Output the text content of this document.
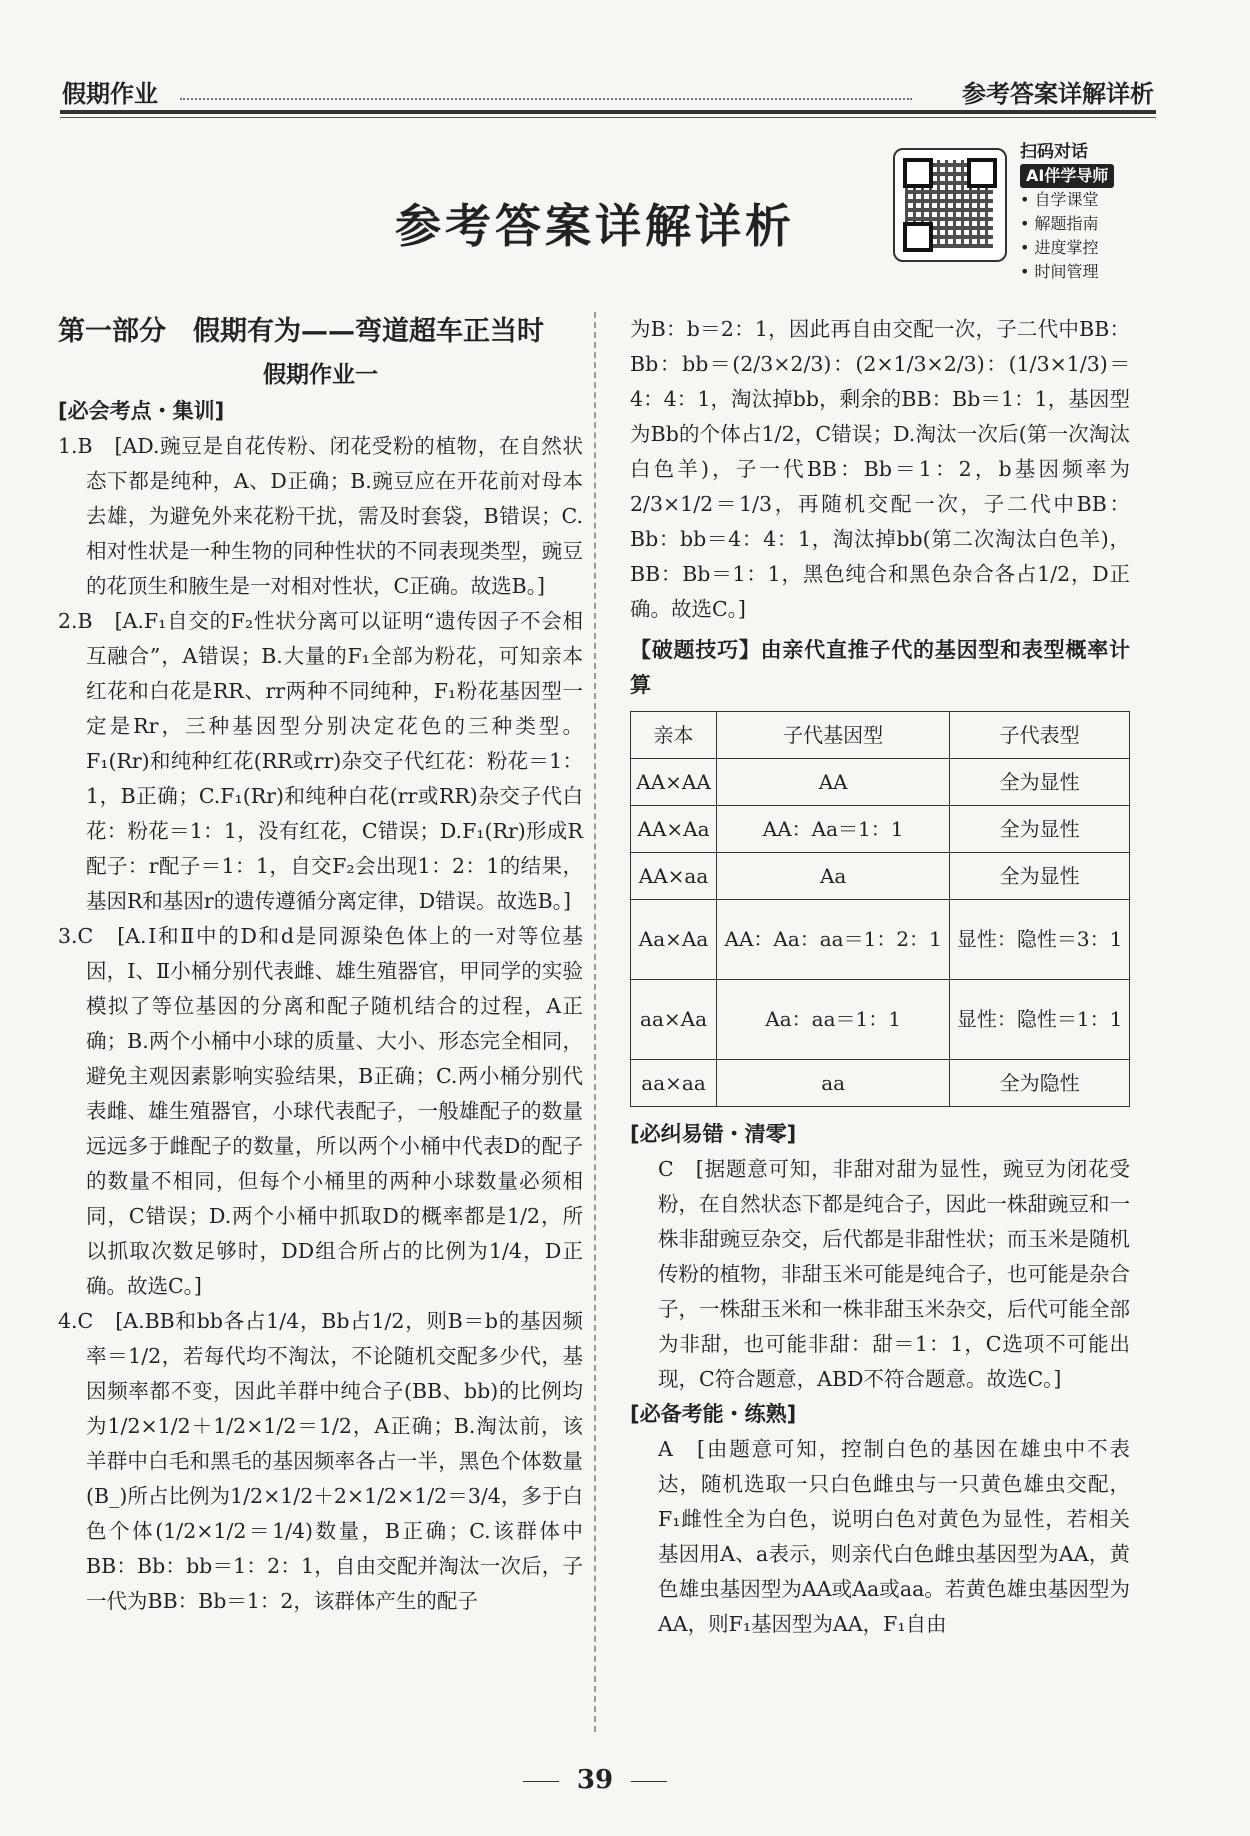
假期作业	参考答案详解详析
参考答案详解详析
扫码对话
AI伴学导师
• 自学课堂
• 解题指南
• 进度掌控
• 时间管理

第一部分　假期有为——弯道超车正当时

假期作业一

[必会考点・集训]

1.B　[AD.豌豆是自花传粉、闭花受粉的植物，在自然状态下都是纯种，A、D正确；B.豌豆应在开花前对母本去雄，为避免外来花粉干扰，需及时套袋，B错误；C.相对性状是一种生物的同种性状的不同表现类型，豌豆的花顶生和腋生是一对相对性状，C正确。故选B。]

2.B　[A.F₁自交的F₂性状分离可以证明“遗传因子不会相互融合”，A错误；B.大量的F₁全部为粉花，可知亲本红花和白花是RR、rr两种不同纯种，F₁粉花基因型一定是Rr，三种基因型分别决定花色的三种类型。F₁(Rr)和纯种红花(RR或rr)杂交子代红花：粉花＝1：1，B正确；C.F₁(Rr)和纯种白花(rr或RR)杂交子代白花：粉花＝1：1，没有红花，C错误；D.F₁(Rr)形成R配子：r配子＝1：1，自交F₂会出现1：2：1的结果，基因R和基因r的遗传遵循分离定律，D错误。故选B。]

3.C　[A.Ⅰ和Ⅱ中的D和d是同源染色体上的一对等位基因，Ⅰ、Ⅱ小桶分别代表雌、雄生殖器官，甲同学的实验模拟了等位基因的分离和配子随机结合的过程，A正确；B.两个小桶中小球的质量、大小、形态完全相同，避免主观因素影响实验结果，B正确；C.两小桶分别代表雌、雄生殖器官，小球代表配子，一般雄配子的数量远远多于雌配子的数量，所以两个小桶中代表D的配子的数量不相同，但每个小桶里的两种小球数量必须相同，C错误；D.两个小桶中抓取D的概率都是1/2，所以抓取次数足够时，DD组合所占的比例为1/4，D正确。故选C。]

4.C　[A.BB和bb各占1/4，Bb占1/2，则B＝b的基因频率＝1/2，若每代均不淘汰，不论随机交配多少代，基因频率都不变，因此羊群中纯合子(BB、bb)的比例均为1/2×1/2＋1/2×1/2＝1/2，A正确；B.淘汰前，该羊群中白毛和黑毛的基因频率各占一半，黑色个体数量(B_)所占比例为1/2×1/2＋2×1/2×1/2＝3/4，多于白色个体(1/2×1/2＝1/4)数量，B正确；C.该群体中BB：Bb：bb＝1：2：1，自由交配并淘汰一次后，子一代为BB：Bb＝1：2，该群体产生的配子

为B：b＝2：1，因此再自由交配一次，子二代中BB：Bb：bb＝(2/3×2/3)：(2×1/3×2/3)：(1/3×1/3)＝4：4：1，淘汰掉bb，剩余的BB：Bb＝1：1，基因型为Bb的个体占1/2，C错误；D.淘汰一次后(第一次淘汰白色羊)，子一代BB：Bb＝1：2，b基因频率为2/3×1/2＝1/3，再随机交配一次，子二代中BB：Bb：bb＝4：4：1，淘汰掉bb(第二次淘汰白色羊)，BB：Bb＝1：1，黑色纯合和黑色杂合各占1/2，D正确。故选C。]

【破题技巧】由亲代直推子代的基因型和表型概率计算

亲本	子代基因型	子代表型
AA×AA	AA	全为显性
AA×Aa	AA：Aa＝1：1	全为显性
AA×aa	Aa	全为显性
Aa×Aa	AA：Aa：aa＝1：2：1	显性：隐性＝3：1
aa×Aa	Aa：aa＝1：1	显性：隐性＝1：1
aa×aa	aa	全为隐性

[必纠易错・清零]

C　[据题意可知，非甜对甜为显性，豌豆为闭花受粉，在自然状态下都是纯合子，因此一株甜豌豆和一株非甜豌豆杂交，后代都是非甜性状；而玉米是随机传粉的植物，非甜玉米可能是纯合子，也可能是杂合子，一株甜玉米和一株非甜玉米杂交，后代可能全部为非甜，也可能非甜：甜＝1：1，C选项不可能出现，C符合题意，ABD不符合题意。故选C。]

[必备考能・练熟]

A　[由题意可知，控制白色的基因在雄虫中不表达，随机选取一只白色雌虫与一只黄色雄虫交配，F₁雌性全为白色，说明白色对黄色为显性，若相关基因用A、a表示，则亲代白色雌虫基因型为AA，黄色雄虫基因型为AA或Aa或aa。若黄色雄虫基因型为AA，则F₁基因型为AA，F₁自由

39
